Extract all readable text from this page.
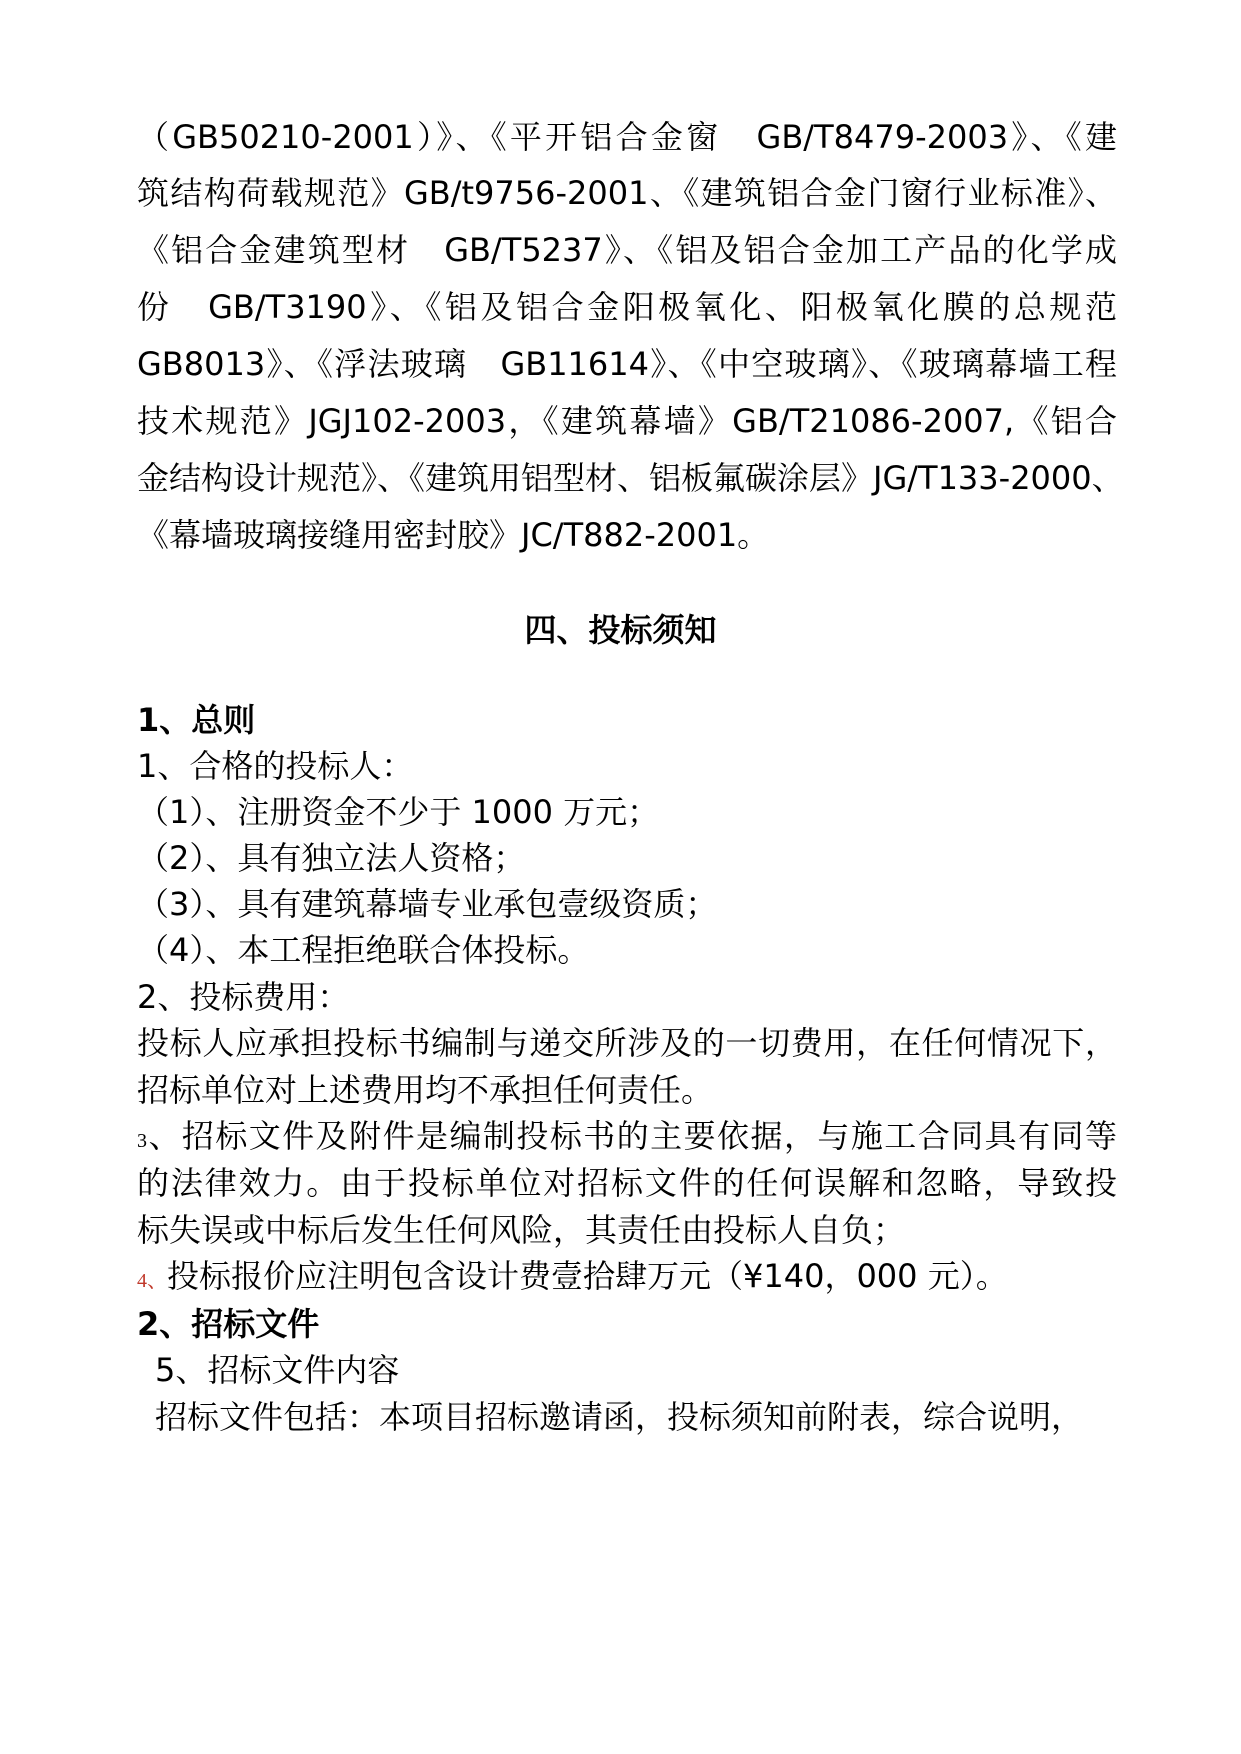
（GB50210-2001）》、《平开铝合金窗　GB/T8479-2003》、《建
筑结构荷载规范》GB/t9756-2001、《建筑铝合金门窗行业标准》、
《铝合金建筑型材　GB/T5237》、《铝及铝合金加工产品的化学成
份　GB/T3190》、《铝及铝合金阳极氧化、阳极氧化膜的总规范
GB8013》、《浮法玻璃　GB11614》、《中空玻璃》、《玻璃幕墙工程
技术规范》JGJ102-2003，《建筑幕墙》GB/T21086-2007,《铝合
金结构设计规范》、《建筑用铝型材、铝板氟碳涂层》JG/T133-2000、
《幕墙玻璃接缝用密封胶》JC/T882-2001。
四、投标须知
1、总则
1、合格的投标人：
（1）、注册资金不少于 1000 万元；
（2）、具有独立法人资格；
（3）、具有建筑幕墙专业承包壹级资质；
（4）、本工程拒绝联合体投标。
2、投标费用：
投标人应承担投标书编制与递交所涉及的一切费用，在任何情况下，
招标单位对上述费用均不承担任何责任。
3、招标文件及附件是编制投标书的主要依据，与施工合同具有同等
的法律效力。由于投标单位对招标文件的任何误解和忽略，导致投
标失误或中标后发生任何风险，其责任由投标人自负；
4、投标报价应注明包含设计费壹拾肆万元（¥140，000 元）。
2、招标文件
5、招标文件内容
招标文件包括：本项目招标邀请函，投标须知前附表，综合说明，
